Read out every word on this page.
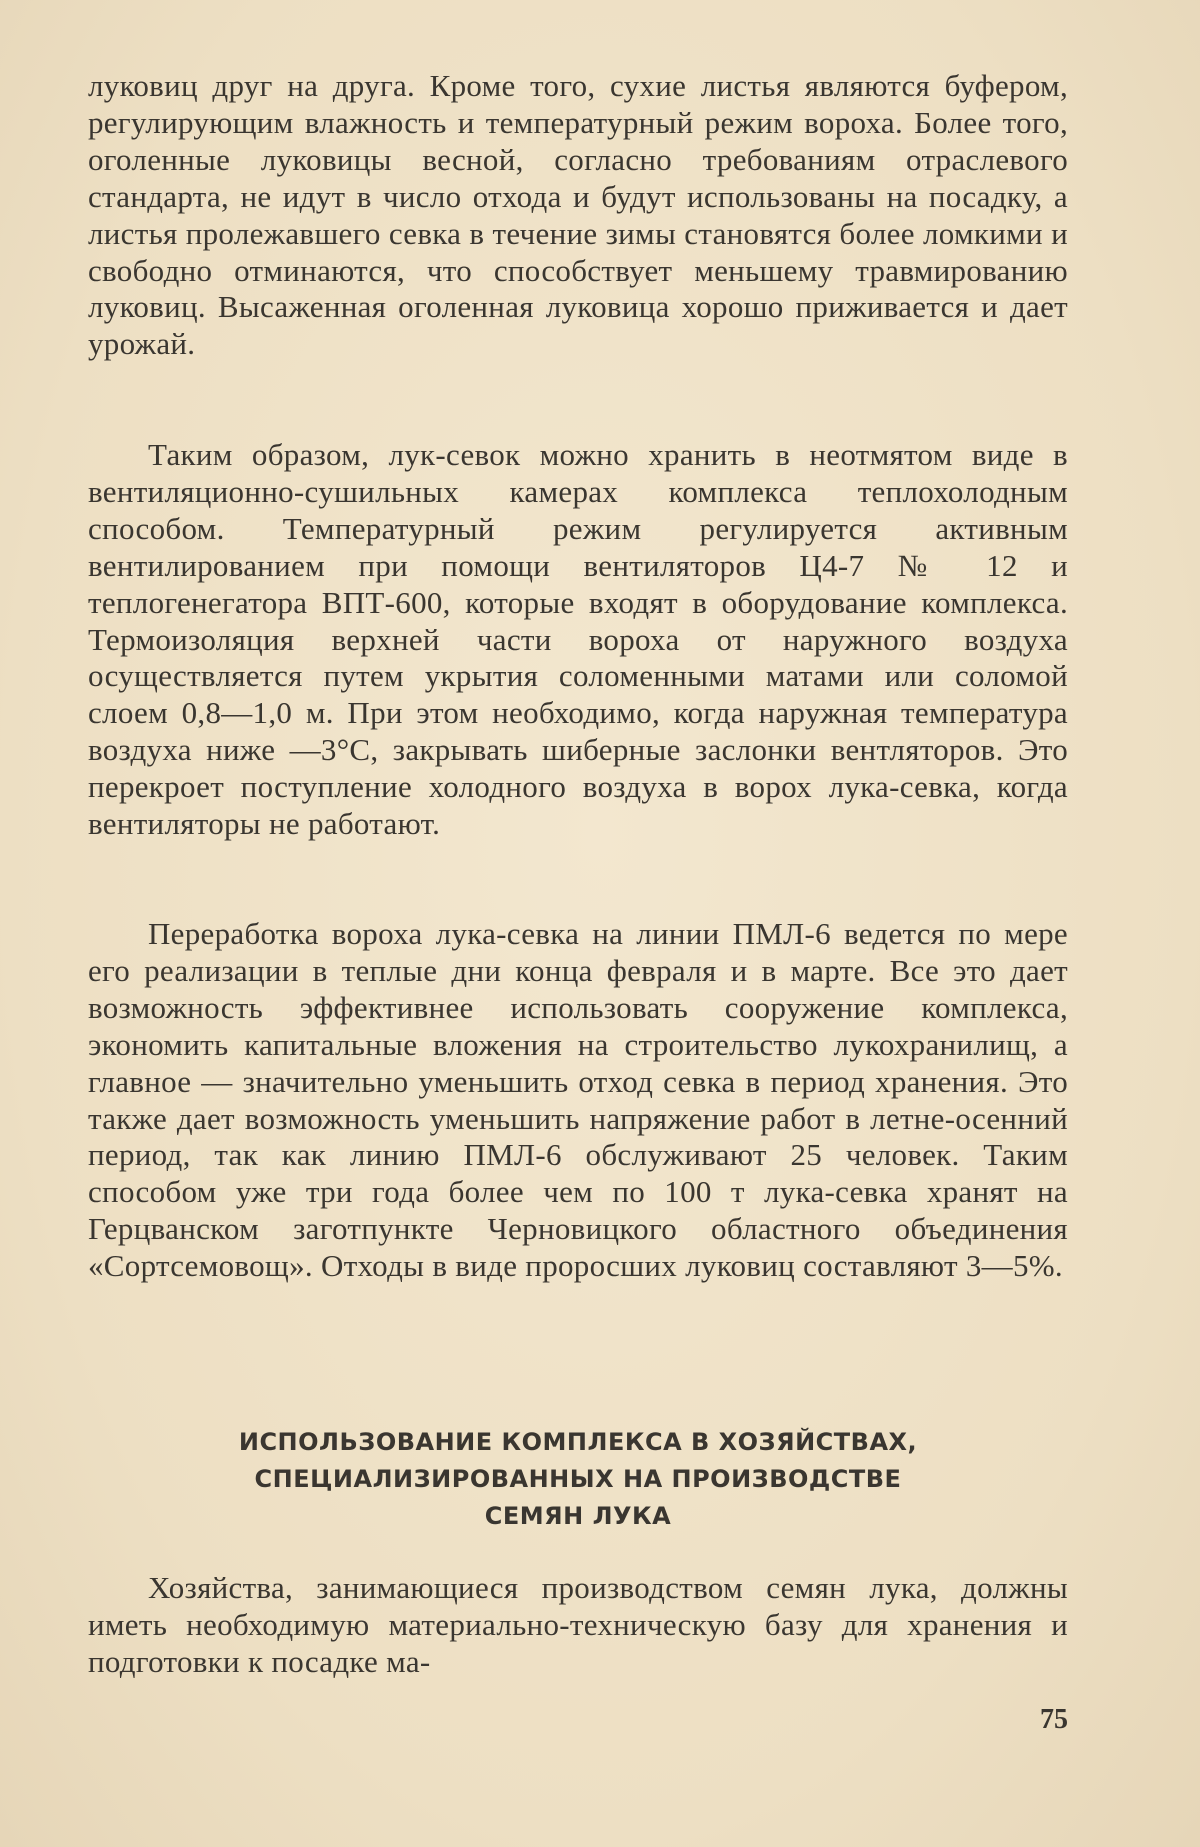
луковиц друг на друга. Кроме того, сухие листья являются буфером, регулирующим влажность и температурный режим вороха. Более того, оголенные луковицы весной, согласно требованиям отраслевого стандарта, не идут в число отхода и будут использованы на посадку, а листья пролежавшего севка в течение зимы становятся более ломкими и свободно отминаются, что способствует меньшему травмированию луковиц. Высаженная оголенная луковица хорошо приживается и дает урожай.

Таким образом, лук-севок можно хранить в неотмятом виде в вентиляционно-сушильных камерах комплекса теплохолодным способом. Температурный режим регулируется активным вентилированием при помощи вентиляторов Ц4-7 № 12 и теплогенегатора ВПТ-600, которые входят в оборудование комплекса. Термоизоляция верхней части вороха от наружного воздуха осуществляется путем укрытия соломенными матами или соломой слоем 0,8—1,0 м. При этом необходимо, когда наружная температура воздуха ниже —3°С, закрывать шиберные заслонки вентляторов. Это перекроет поступление холодного воздуха в ворох лука-севка, когда вентиляторы не работают.

Переработка вороха лука-севка на линии ПМЛ-6 ведется по мере его реализации в теплые дни конца февраля и в марте. Все это дает возможность эффективнее использовать сооружение комплекса, экономить капитальные вложения на строительство лукохранилищ, а главное — значительно уменьшить отход севка в период хранения. Это также дает возможность уменьшить напряжение работ в летне-осенний период, так как линию ПМЛ-6 обслуживают 25 человек. Таким способом уже три года более чем по 100 т лука-севка хранят на Герцванском заготпункте Черновицкого областного объединения «Сортсемовощ». Отходы в виде проросших луковиц составляют 3—5%.

ИСПОЛЬЗОВАНИЕ КОМПЛЕКСА В ХОЗЯЙСТВАХ,
СПЕЦИАЛИЗИРОВАННЫХ НА ПРОИЗВОДСТВЕ
СЕМЯН ЛУКА

Хозяйства, занимающиеся производством семян лука, должны иметь необходимую материально-техническую базу для хранения и подготовки к посадке ма-

75
